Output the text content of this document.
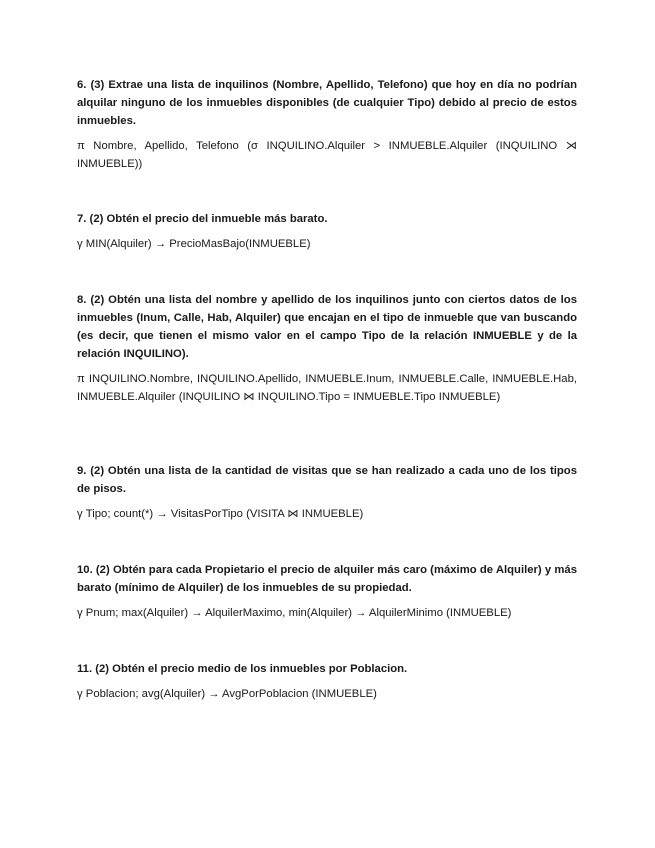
6. (3) Extrae una lista de inquilinos (Nombre, Apellido, Telefono) que hoy en día no podrían alquilar ninguno de los inmuebles disponibles (de cualquier Tipo) debido al precio de estos inmuebles.

π Nombre, Apellido, Telefono (σ INQUILINO.Alquiler > INMUEBLE.Alquiler (INQUILINO ⋊ INMUEBLE))

7. (2) Obtén el precio del inmueble más barato.

γ MIN(Alquiler) → PrecioMasBajo(INMUEBLE)

8. (2) Obtén una lista del nombre y apellido de los inquilinos junto con ciertos datos de los inmuebles (Inum, Calle, Hab, Alquiler) que encajan en el tipo de inmueble que van buscando (es decir, que tienen el mismo valor en el campo Tipo de la relación INMUEBLE y de la relación INQUILINO).

π INQUILINO.Nombre, INQUILINO.Apellido, INMUEBLE.Inum, INMUEBLE.Calle, INMUEBLE.Hab, INMUEBLE.Alquiler (INQUILINO ⋈ INQUILINO.Tipo = INMUEBLE.Tipo INMUEBLE)

9. (2) Obtén una lista de la cantidad de visitas que se han realizado a cada uno de los tipos de pisos.

γ Tipo; count(*) → VisitasPorTipo (VISITA ⋈ INMUEBLE)

10. (2) Obtén para cada Propietario el precio de alquiler más caro (máximo de Alquiler) y más barato (mínimo de Alquiler) de los inmuebles de su propiedad.

γ Pnum; max(Alquiler) → AlquilerMaximo, min(Alquiler) → AlquilerMinimo (INMUEBLE)

11. (2) Obtén el precio medio de los inmuebles por Poblacion.

γ Poblacion; avg(Alquiler) → AvgPorPoblacion (INMUEBLE)
